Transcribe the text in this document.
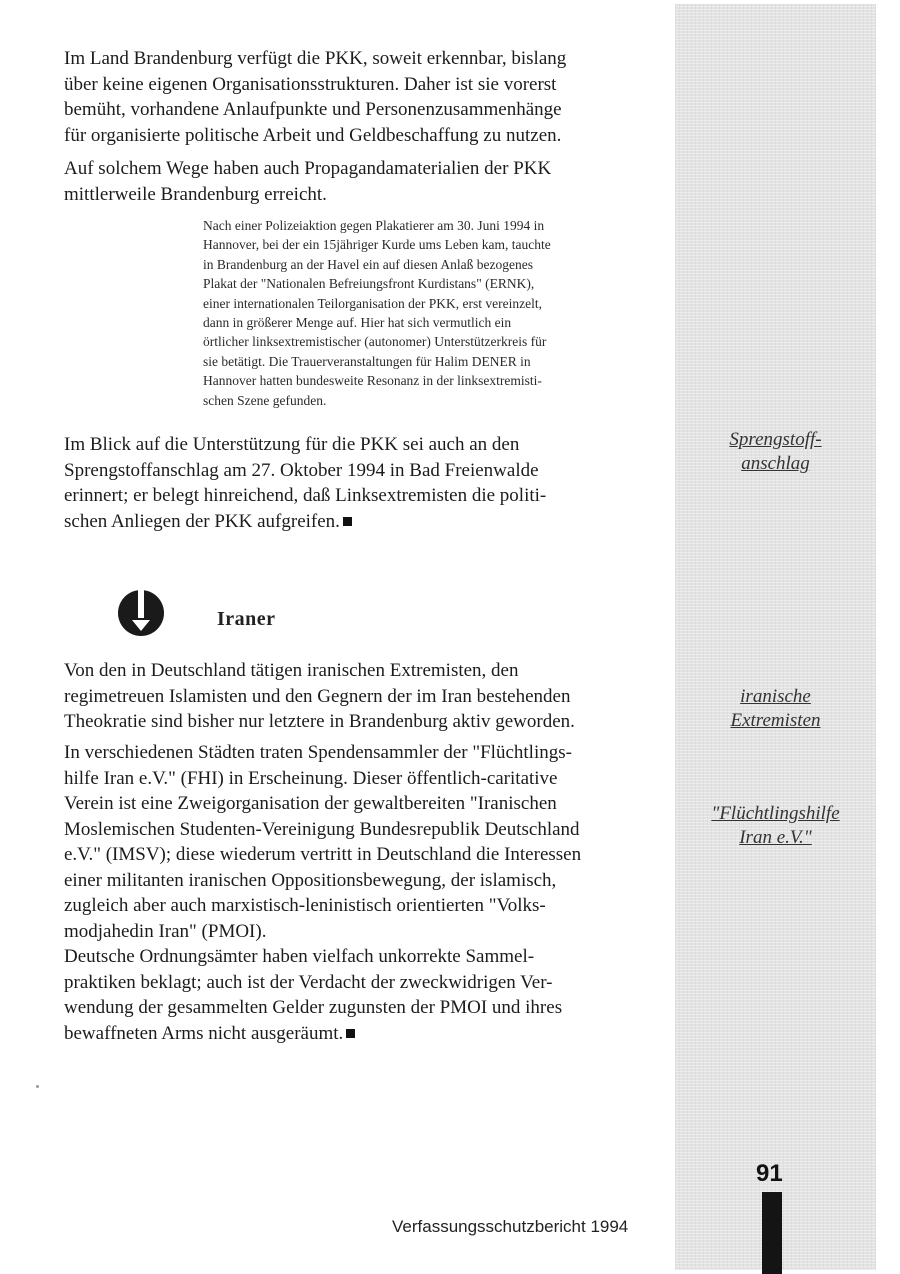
Im Land Brandenburg verfügt die PKK, soweit erkennbar, bislang
über keine eigenen Organisationsstrukturen. Daher ist sie vorerst
bemüht, vorhandene Anlaufpunkte und Personenzusammenhänge
für organisierte politische Arbeit und Geldbeschaffung zu nutzen.

Auf solchem Wege haben auch Propagandamaterialien der PKK
mittlerweile Brandenburg erreicht.

Nach einer Polizeiaktion gegen Plakatierer am 30. Juni 1994 in
Hannover, bei der ein 15jähriger Kurde ums Leben kam, tauchte
in Brandenburg an der Havel ein auf diesen Anlaß bezogenes
Plakat der "Nationalen Befreiungsfront Kurdistans" (ERNK),
einer internationalen Teilorganisation der PKK, erst vereinzelt,
dann in größerer Menge auf. Hier hat sich vermutlich ein
örtlicher linksextremistischer (autonomer) Unterstützerkreis für
sie betätigt. Die Trauerveranstaltungen für Halim DENER in
Hannover hatten bundesweite Resonanz in der linksextremisti-
schen Szene gefunden.

Im Blick auf die Unterstützung für die PKK sei auch an den
Sprengstoffanschlag am 27. Oktober 1994 in Bad Freienwalde
erinnert; er belegt hinreichend, daß Linksextremisten die politi-
schen Anliegen der PKK aufgreifen.

Iraner

Von den in Deutschland tätigen iranischen Extremisten, den
regimetreuen Islamisten und den Gegnern der im Iran bestehenden
Theokratie sind bisher nur letztere in Brandenburg aktiv geworden.

In verschiedenen Städten traten Spendensammler der "Flüchtlings-
hilfe Iran e.V." (FHI) in Erscheinung. Dieser öffentlich-caritative
Verein ist eine Zweigorganisation der gewaltbereiten "Iranischen
Moslemischen Studenten-Vereinigung Bundesrepublik Deutschland
e.V." (IMSV); diese wiederum vertritt in Deutschland die Interessen
einer militanten iranischen Oppositionsbewegung, der islamisch,
zugleich aber auch marxistisch-leninistisch orientierten "Volks-
modjahedin Iran" (PMOI).
Deutsche Ordnungsämter haben vielfach unkorrekte Sammel-
praktiken beklagt; auch ist der Verdacht der zweckwidrigen Ver-
wendung der gesammelten Gelder zugunsten der PMOI und ihres
bewaffneten Arms nicht ausgeräumt.

Sprengstoff-
anschlag
iranische
Extremisten
"Flüchtlingshilfe
Iran e.V."
91
Verfassungsschutzbericht 1994
